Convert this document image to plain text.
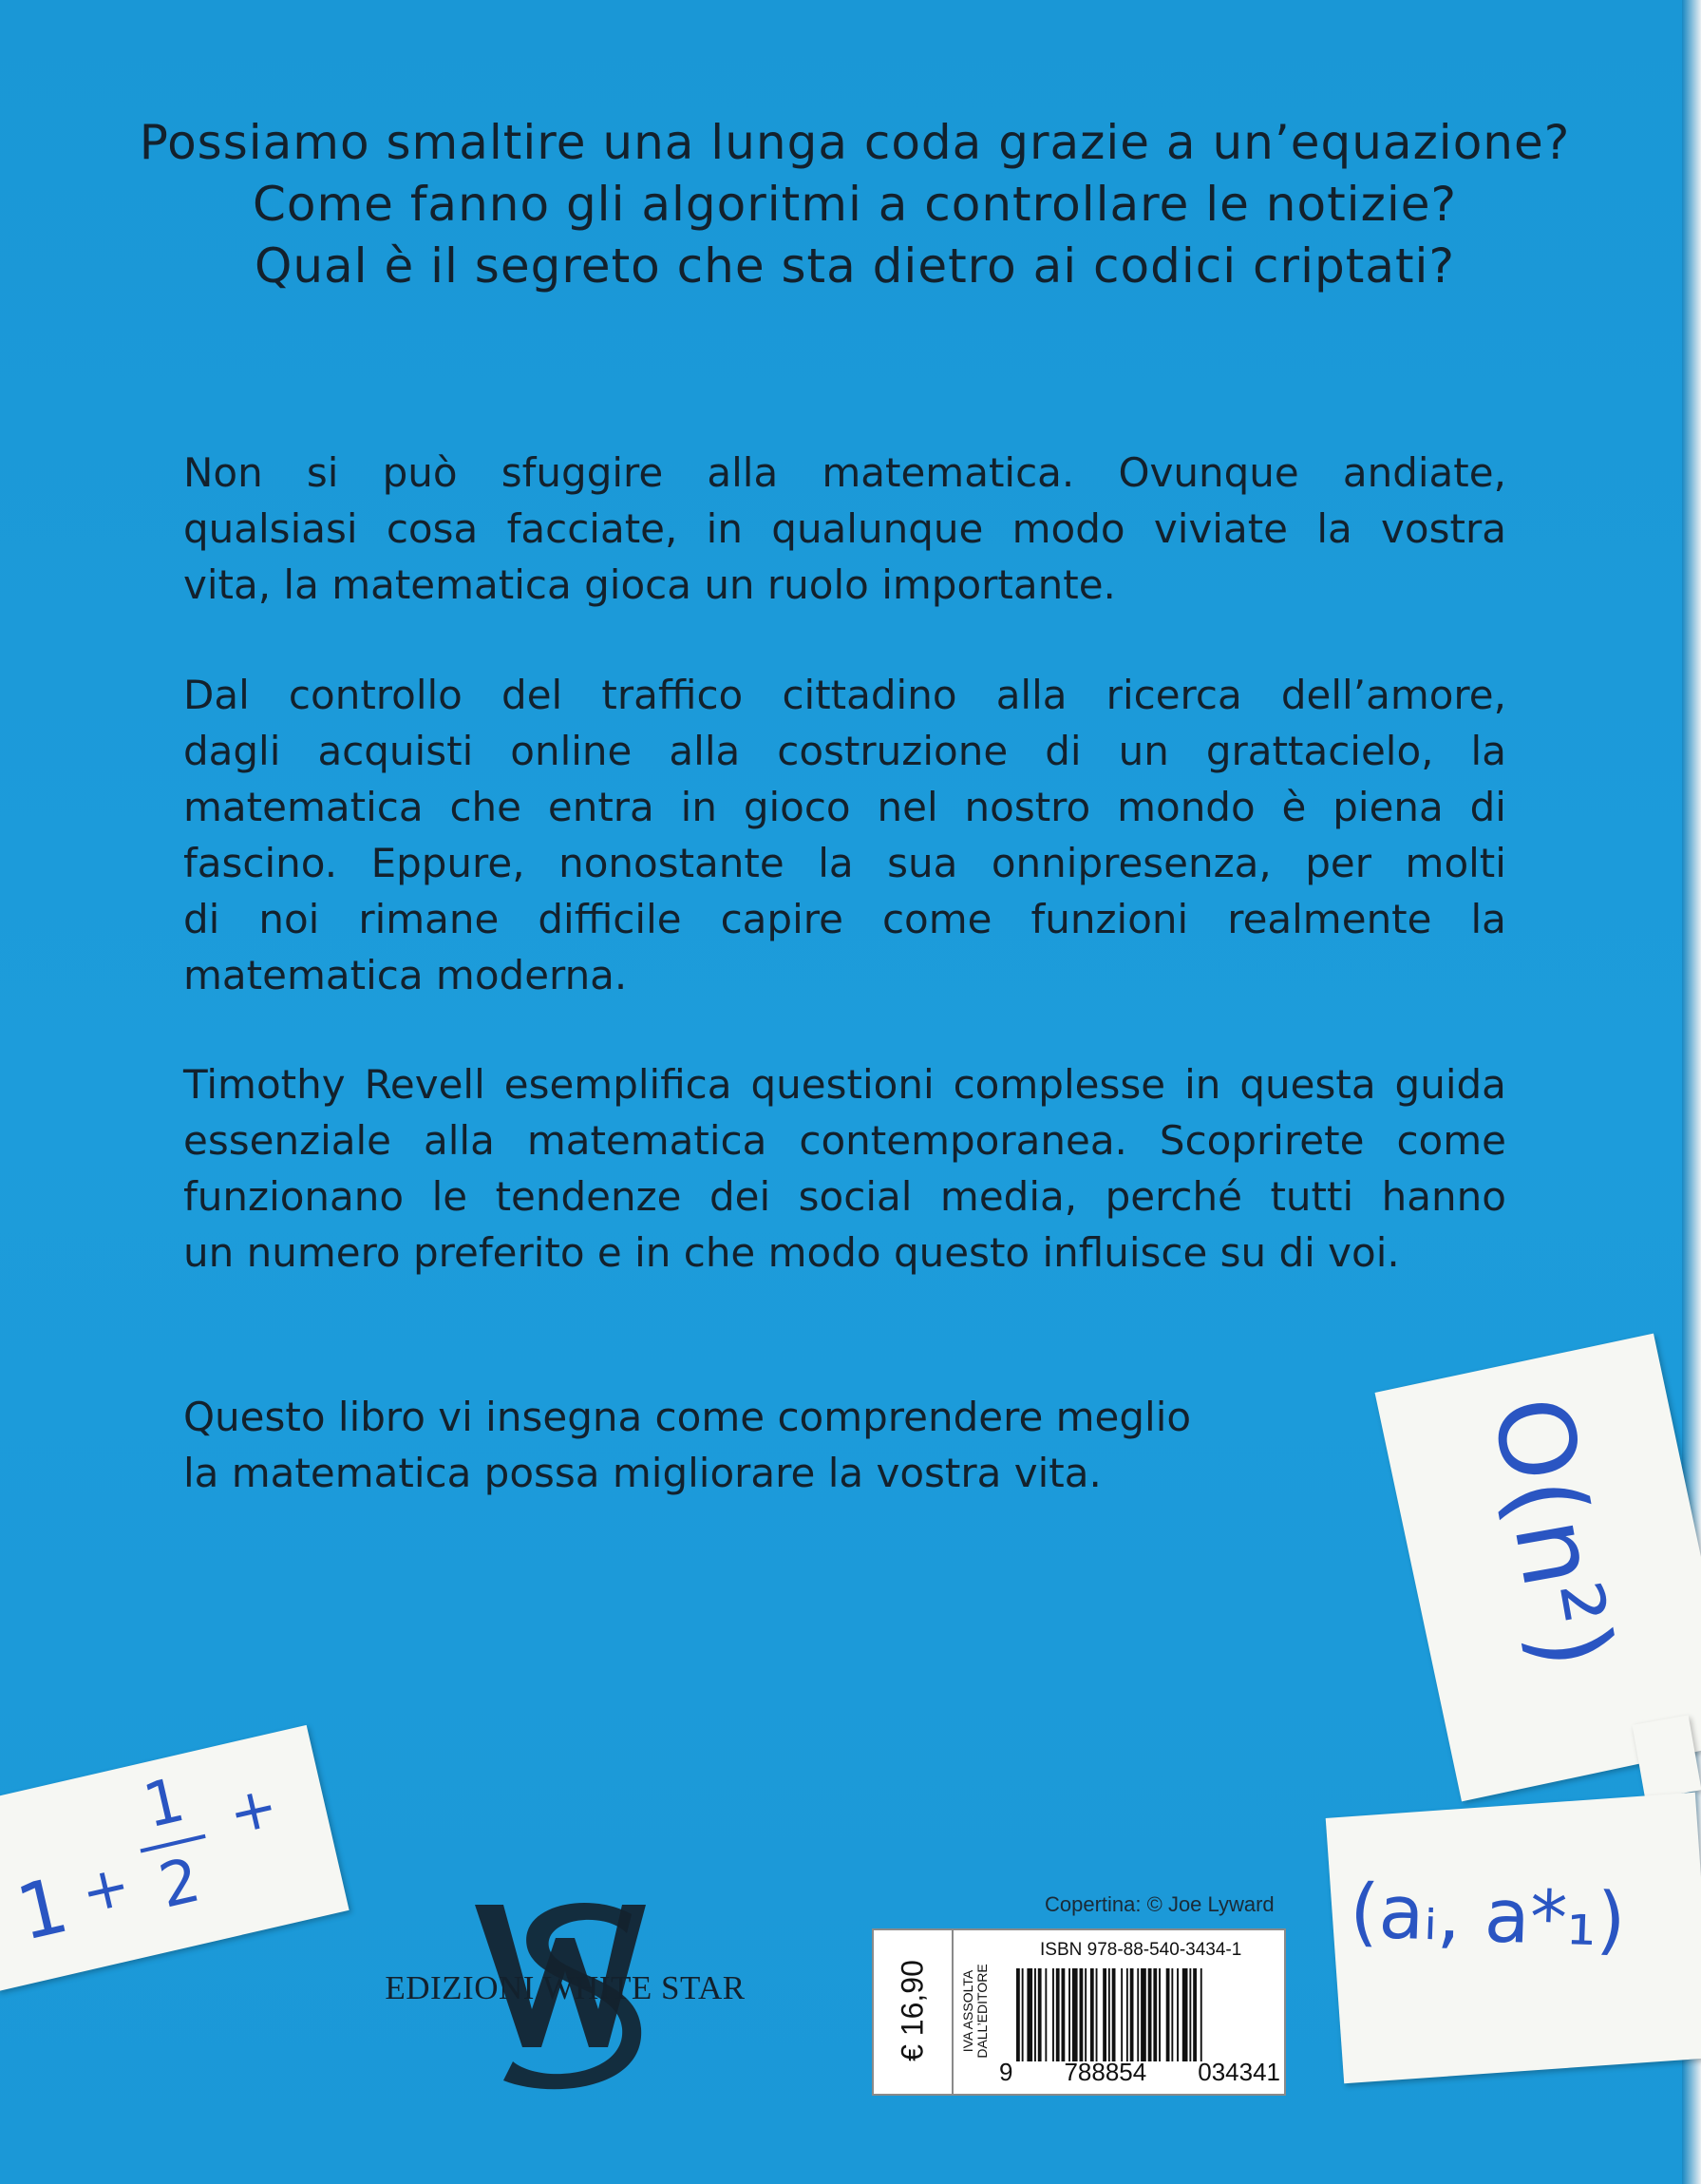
Possiamo smaltire una lunga coda grazie a un’equazione?
Come fanno gli algoritmi a controllare le notizie?
Qual è il segreto che sta dietro ai codici criptati?
Non si può sfuggire alla matematica. Ovunque andiate,
qualsiasi cosa facciate, in qualunque modo viviate la vostra
vita, la matematica gioca un ruolo importante.
Dal controllo del traffico cittadino alla ricerca dell’amore,
dagli acquisti online alla costruzione di un grattacielo, la
matematica che entra in gioco nel nostro mondo è piena di
fascino. Eppure, nonostante la sua onnipresenza, per molti
di noi rimane difficile capire come funzioni realmente la
matematica moderna.
Timothy Revell esemplifica questioni complesse in questa guida
essenziale alla matematica contemporanea. Scoprirete come
funzionano le tendenze dei social media, perché tutti hanno
un numero preferito e in che modo questo influisce su di voi.
Questo libro vi insegna come comprendere meglio
la matematica possa migliorare la vostra vita.	O(n²)
(aᵢ, a*₁)
1 +
1
2
+
Copertina: © Joe Lyward
EDIZIONI WHITE STAR	€ 16,90 IVA ASSOLTA DALL’EDITORE
ISBN 978-88-540-3434-1
9 788854 034341
